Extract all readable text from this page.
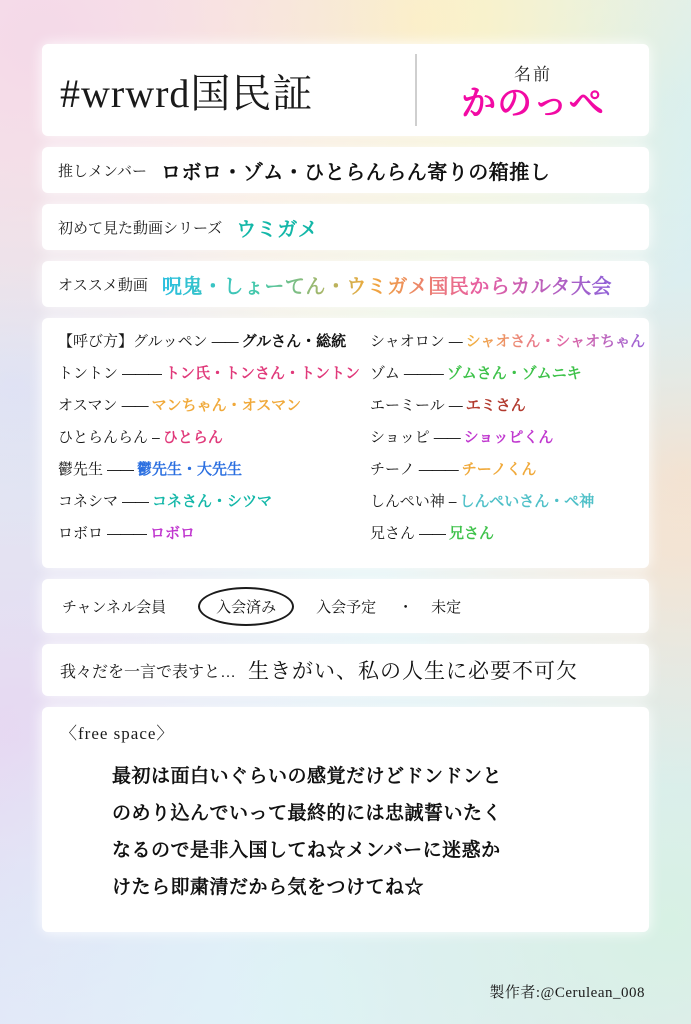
#wrwrd国民証	名前
かのっぺ
推しメンバー ロボロ・ゾム・ひとらんらん寄りの箱推し
初めて見た動画シリーズ ウミガメ
オススメ動画 呪鬼・しょーてん・ウミガメ国民からカルタ大会
【呼び方】 グルッペン —— グルさん・総統
トントン ——— トン氏・トンさん・トントン
オスマン —— マンちゃん・オスマン
ひとらんらん – ひとらん
鬱先生 —— 鬱先生・大先生
コネシマ —— コネさん・シツマ
ロボロ ——— ロボロ
シャオロン — シャオさん・シャオちゃん
ゾム ——— ゾムさん・ゾムニキ
エーミール — エミさん
ショッピ —— ショッピくん
チーノ ——— チーノくん
しんぺい神 – しんぺいさん・ぺ神
兄さん —— 兄さん
チャンネル会員	入会済み	入会予定	・	未定
我々だを一言で表すと… 生きがい、私の人生に必要不可欠
〈free space〉
最初は面白いぐらいの感覚だけどドンドンと
のめり込んでいって最終的には忠誠誓いたく
なるので是非入国してね☆メンバーに迷惑か
けたら即粛清だから気をつけてね☆
製作者:@Cerulean_008
